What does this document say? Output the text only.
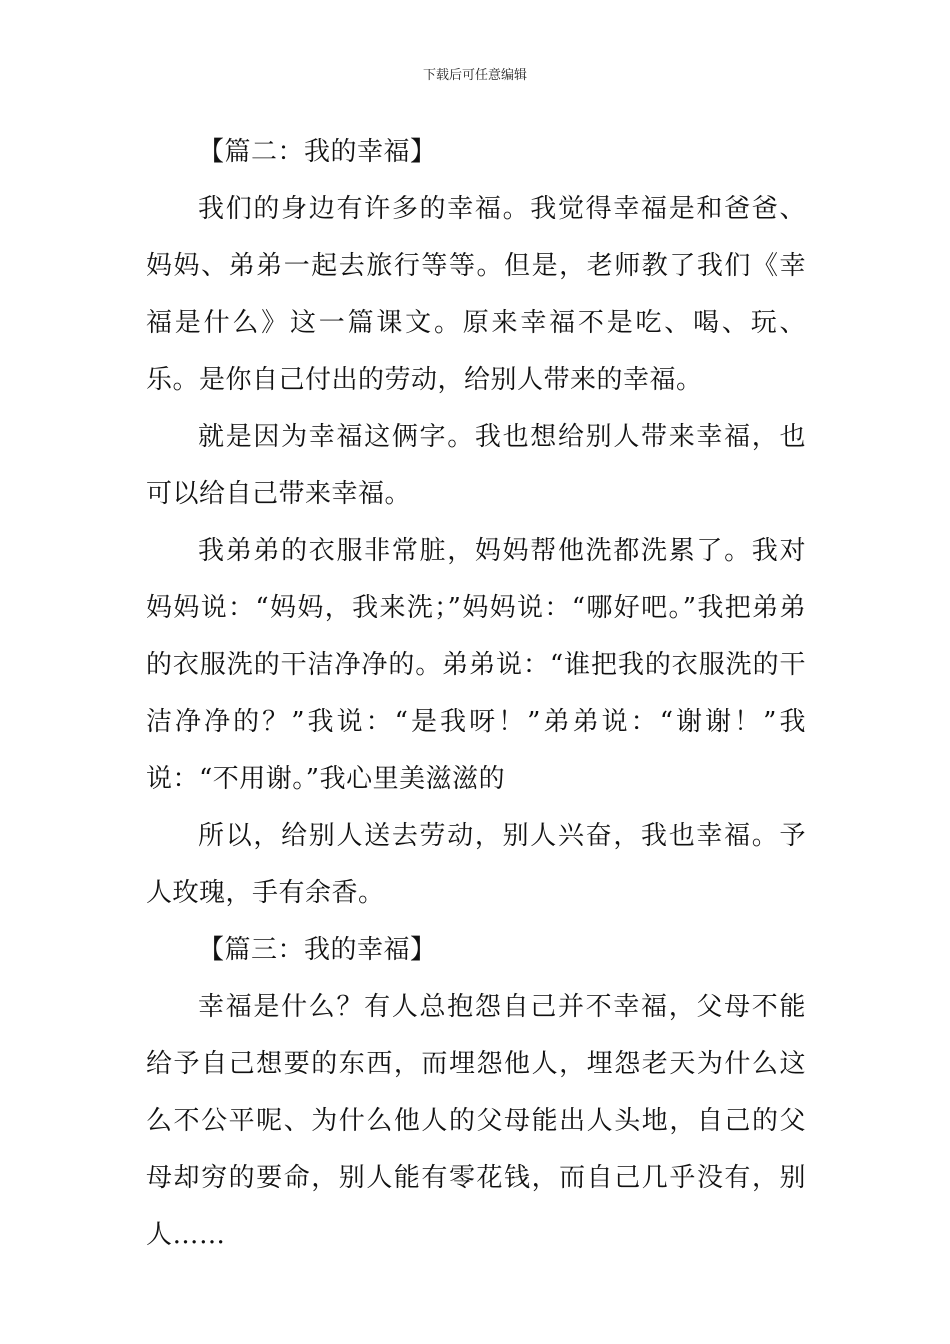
下载后可任意编辑

【篇二：我的幸福】

我们的身边有许多的幸福。我觉得幸福是和爸爸、妈妈、弟弟一起去旅行等等。但是，老师教了我们《幸福是什么》这一篇课文。原来幸福不是吃、喝、玩、乐。是你自己付出的劳动，给别人带来的幸福。

就是因为幸福这俩字。我也想给别人带来幸福，也可以给自己带来幸福。

我弟弟的衣服非常脏，妈妈帮他洗都洗累了。我对妈妈说：“妈妈，我来洗；”妈妈说：“哪好吧。”我把弟弟的衣服洗的干洁净净的。弟弟说：“谁把我的衣服洗的干洁净净的？”我说：“是我呀！”弟弟说：“谢谢！”我说：“不用谢。”我心里美滋滋的

所以，给别人送去劳动，别人兴奋，我也幸福。予人玫瑰，手有余香。

【篇三：我的幸福】

幸福是什么？有人总抱怨自己并不幸福，父母不能给予自己想要的东西，而埋怨他人，埋怨老天为什么这么不公平呢、为什么他人的父母能出人头地，自己的父母却穷的要命，别人能有零花钱，而自己几乎没有，别人……
